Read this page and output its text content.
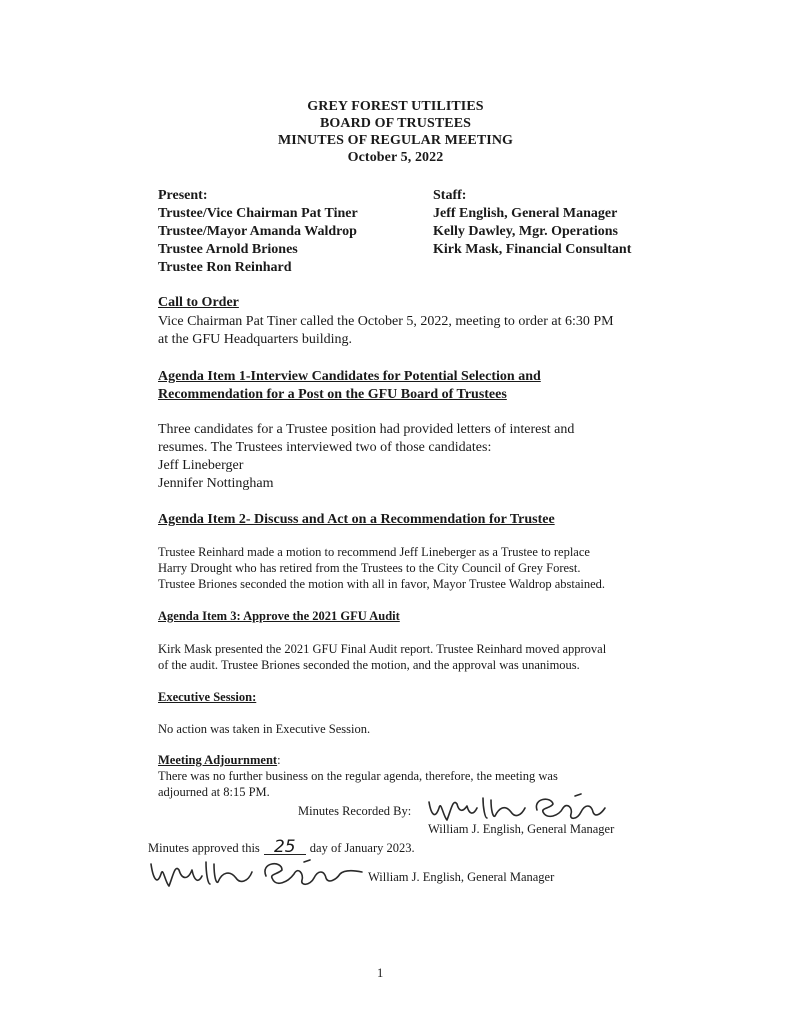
GREY FOREST UTILITIES
BOARD OF TRUSTEES
MINUTES OF REGULAR MEETING
October 5, 2022
Present:
Trustee/Vice Chairman Pat Tiner
Trustee/Mayor Amanda Waldrop
Trustee Arnold Briones
Trustee Ron Reinhard
Staff:
Jeff English, General Manager
Kelly Dawley, Mgr. Operations
Kirk Mask, Financial Consultant
Call to Order
Vice Chairman Pat Tiner called the October 5, 2022, meeting to order at 6:30 PM
at the GFU Headquarters building.
Agenda Item 1-Interview Candidates for Potential Selection and
Recommendation for a Post on the GFU Board of Trustees
Three candidates for a Trustee position had provided letters of interest and
resumes. The Trustees interviewed two of those candidates:
Jeff Lineberger
Jennifer Nottingham
Agenda Item 2- Discuss and Act on a Recommendation for Trustee
Trustee Reinhard made a motion to recommend Jeff Lineberger as a Trustee to replace
Harry Drought who has retired from the Trustees to the City Council of Grey Forest.
Trustee Briones seconded the motion with all in favor, Mayor Trustee Waldrop abstained.
Agenda Item 3: Approve the 2021 GFU Audit
Kirk Mask presented the 2021 GFU Final Audit report. Trustee Reinhard moved approval
of the audit. Trustee Briones seconded the motion, and the approval was unanimous.
Executive Session:
No action was taken in Executive Session.
Meeting Adjournment:
There was no further business on the regular agenda, therefore, the meeting was
adjourned at 8:15 PM.
Minutes Recorded By:
William J. English, General Manager
Minutes approved this 25 day of January 2023.
William J. English, General Manager
1
